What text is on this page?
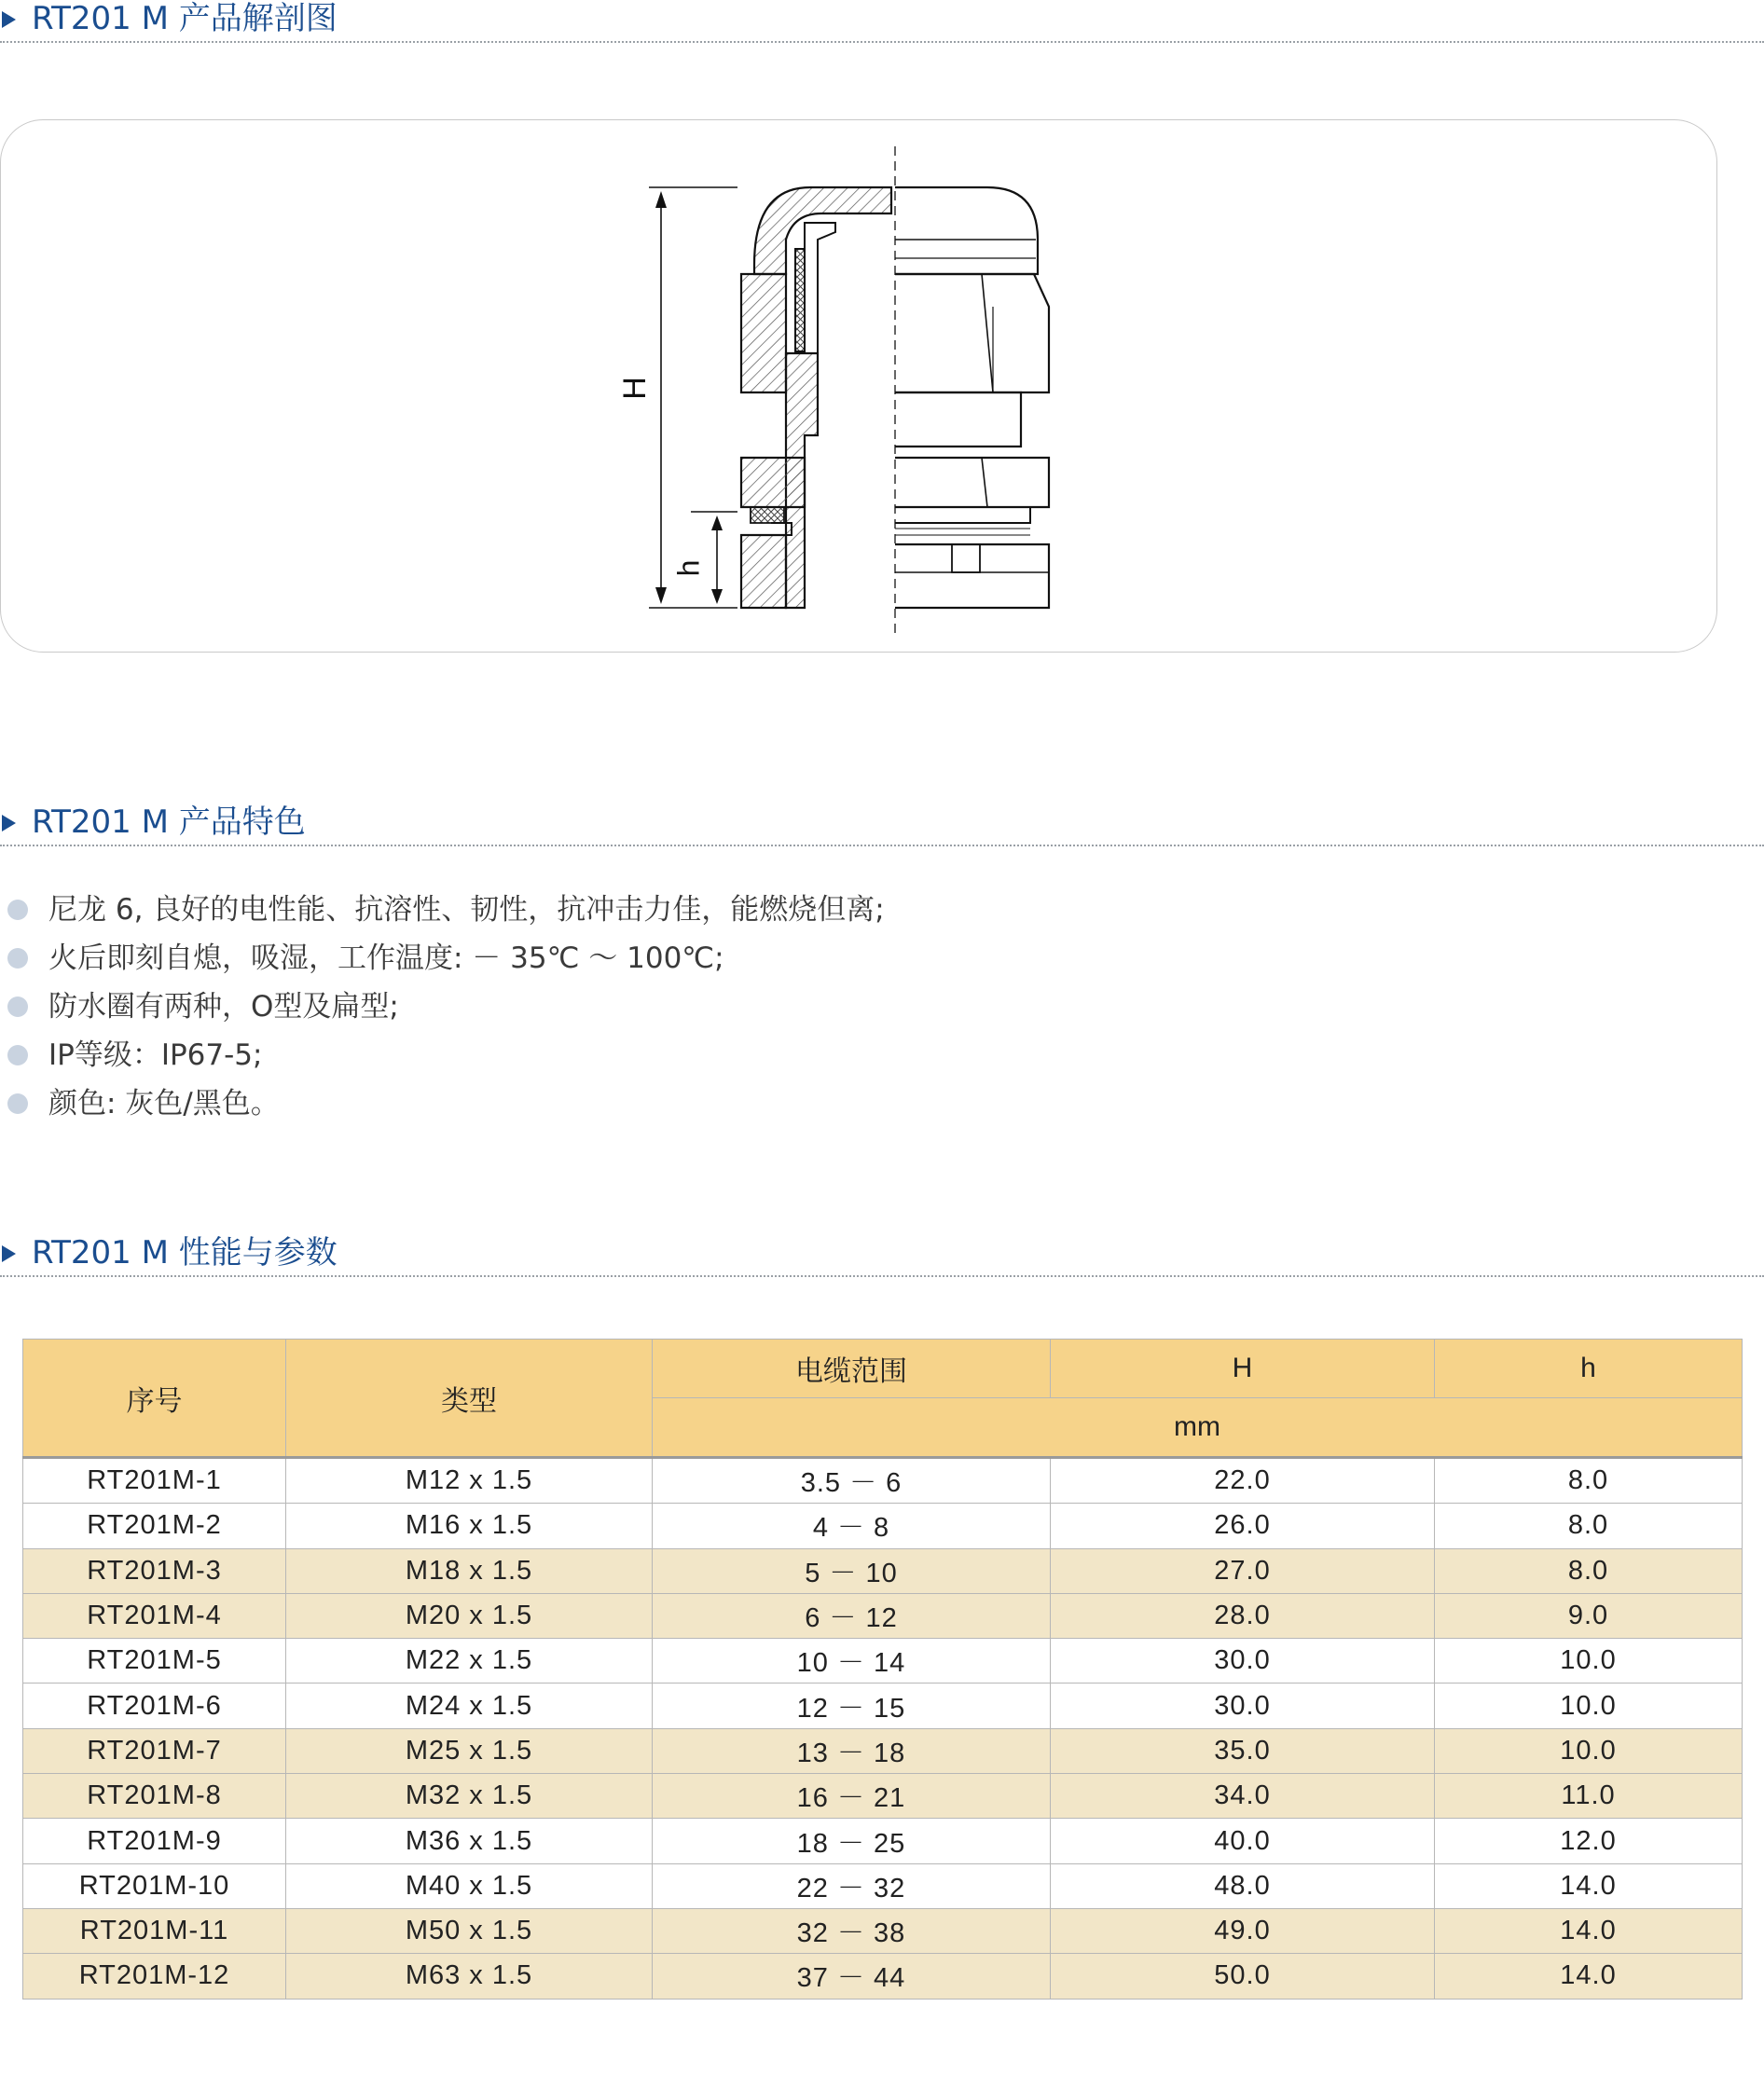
RT201 M 产品解剖图
H
h
RT201 M 产品特色
尼龙 6, 良好的电性能、抗溶性、韧性，抗冲击力佳，能燃烧但离;
火后即刻自熄，吸湿，工作温度: － 35℃ ～ 100℃;
防水圈有两种，O型及扁型;
IP等级：IP67-5;
颜色: 灰色/黑色。
RT201 M 性能与参数
序号	类型	电缆范围	H	h
		mm		
RT201M-1	M12 x 1.5	3.5 － 6	22.0	8.0
RT201M-2	M16 x 1.5	4 － 8	26.0	8.0
RT201M-3	M18 x 1.5	5 － 10	27.0	8.0
RT201M-4	M20 x 1.5	6 － 12	28.0	9.0
RT201M-5	M22 x 1.5	10 － 14	30.0	10.0
RT201M-6	M24 x 1.5	12 － 15	30.0	10.0
RT201M-7	M25 x 1.5	13 － 18	35.0	10.0
RT201M-8	M32 x 1.5	16 － 21	34.0	11.0
RT201M-9	M36 x 1.5	18 － 25	40.0	12.0
RT201M-10	M40 x 1.5	22 － 32	48.0	14.0
RT201M-11	M50 x 1.5	32 － 38	49.0	14.0
RT201M-12	M63 x 1.5	37 － 44	50.0	14.0
